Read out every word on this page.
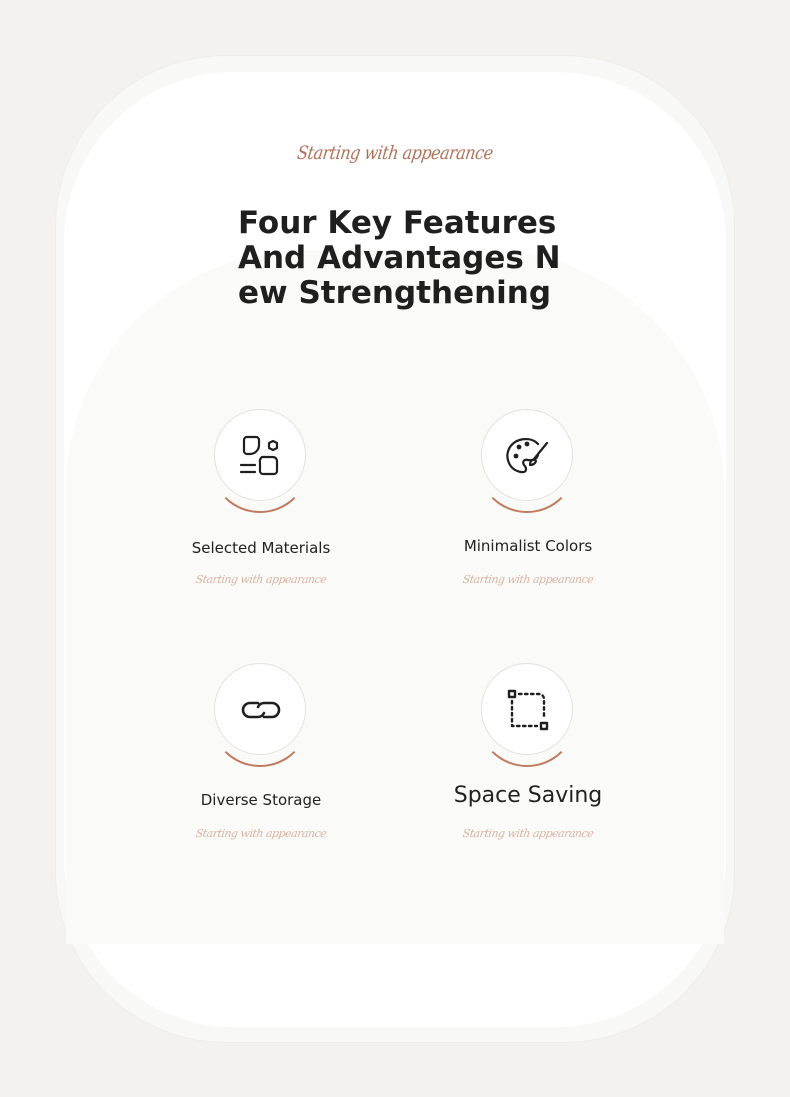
Starting with appearance
Four Key Features And Advantages New Strengthening
Selected Materials
Starting with appearance
Minimalist Colors
Starting with appearance
Diverse Storage
Starting with appearance
Space Saving
Starting with appearance
